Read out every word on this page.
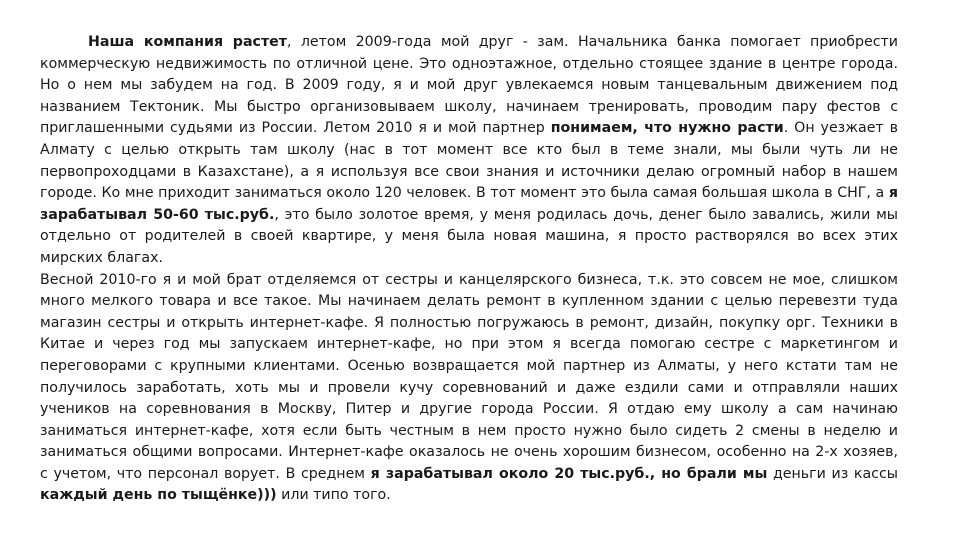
Наша компания растет, летом 2009-года мой друг - зам. Начальника банка помогает приобрести коммерческую недвижимость по отличной цене. Это одноэтажное, отдельно стоящее здание в центре города. Но о нем мы забудем на год. В 2009 году, я и мой друг увлекаемся новым танцевальным движением под названием Тектоник. Мы быстро организовываем школу, начинаем тренировать, проводим пару фестов с приглашенными судьями из России. Летом 2010 я и мой партнер понимаем, что нужно расти. Он уезжает в Алмату с целью открыть там школу (нас в тот момент все кто был в теме знали, мы были чуть ли не первопроходцами в Казахстане), а я используя все свои знания и источники делаю огромный набор в нашем городе. Ко мне приходит заниматься около 120 человек. В тот момент это была самая большая школа в СНГ, а я зарабатывал 50-60 тыс.руб., это было золотое время, у меня родилась дочь, денег было завались, жили мы отдельно от родителей в своей квартире, у меня была новая машина, я просто растворялся во всех этих мирских благах.

Весной 2010-го я и мой брат отделяемся от сестры и канцелярского бизнеса, т.к. это совсем не мое, слишком много мелкого товара и все такое. Мы начинаем делать ремонт в купленном здании с целью перевезти туда магазин сестры и открыть интернет-кафе. Я полностью погружаюсь в ремонт, дизайн, покупку орг. Техники в Китае и через год мы запускаем интернет-кафе, но при этом я всегда помогаю сестре с маркетингом и переговорами с крупными клиентами. Осенью возвращается мой партнер из Алматы, у него кстати там не получилось заработать, хоть мы и провели кучу соревнований и даже ездили сами и отправляли наших учеников на соревнования в Москву, Питер и другие города России. Я отдаю ему школу а сам начинаю заниматься интернет-кафе, хотя если быть честным в нем просто нужно было сидеть 2 смены в неделю и заниматься общими вопросами. Интернет-кафе оказалось не очень хорошим бизнесом, особенно на 2-х хозяев, с учетом, что персонал ворует. В среднем я зарабатывал около 20 тыс.руб., но брали мы деньги из кассы каждый день по тыщёнке))) или типо того.
